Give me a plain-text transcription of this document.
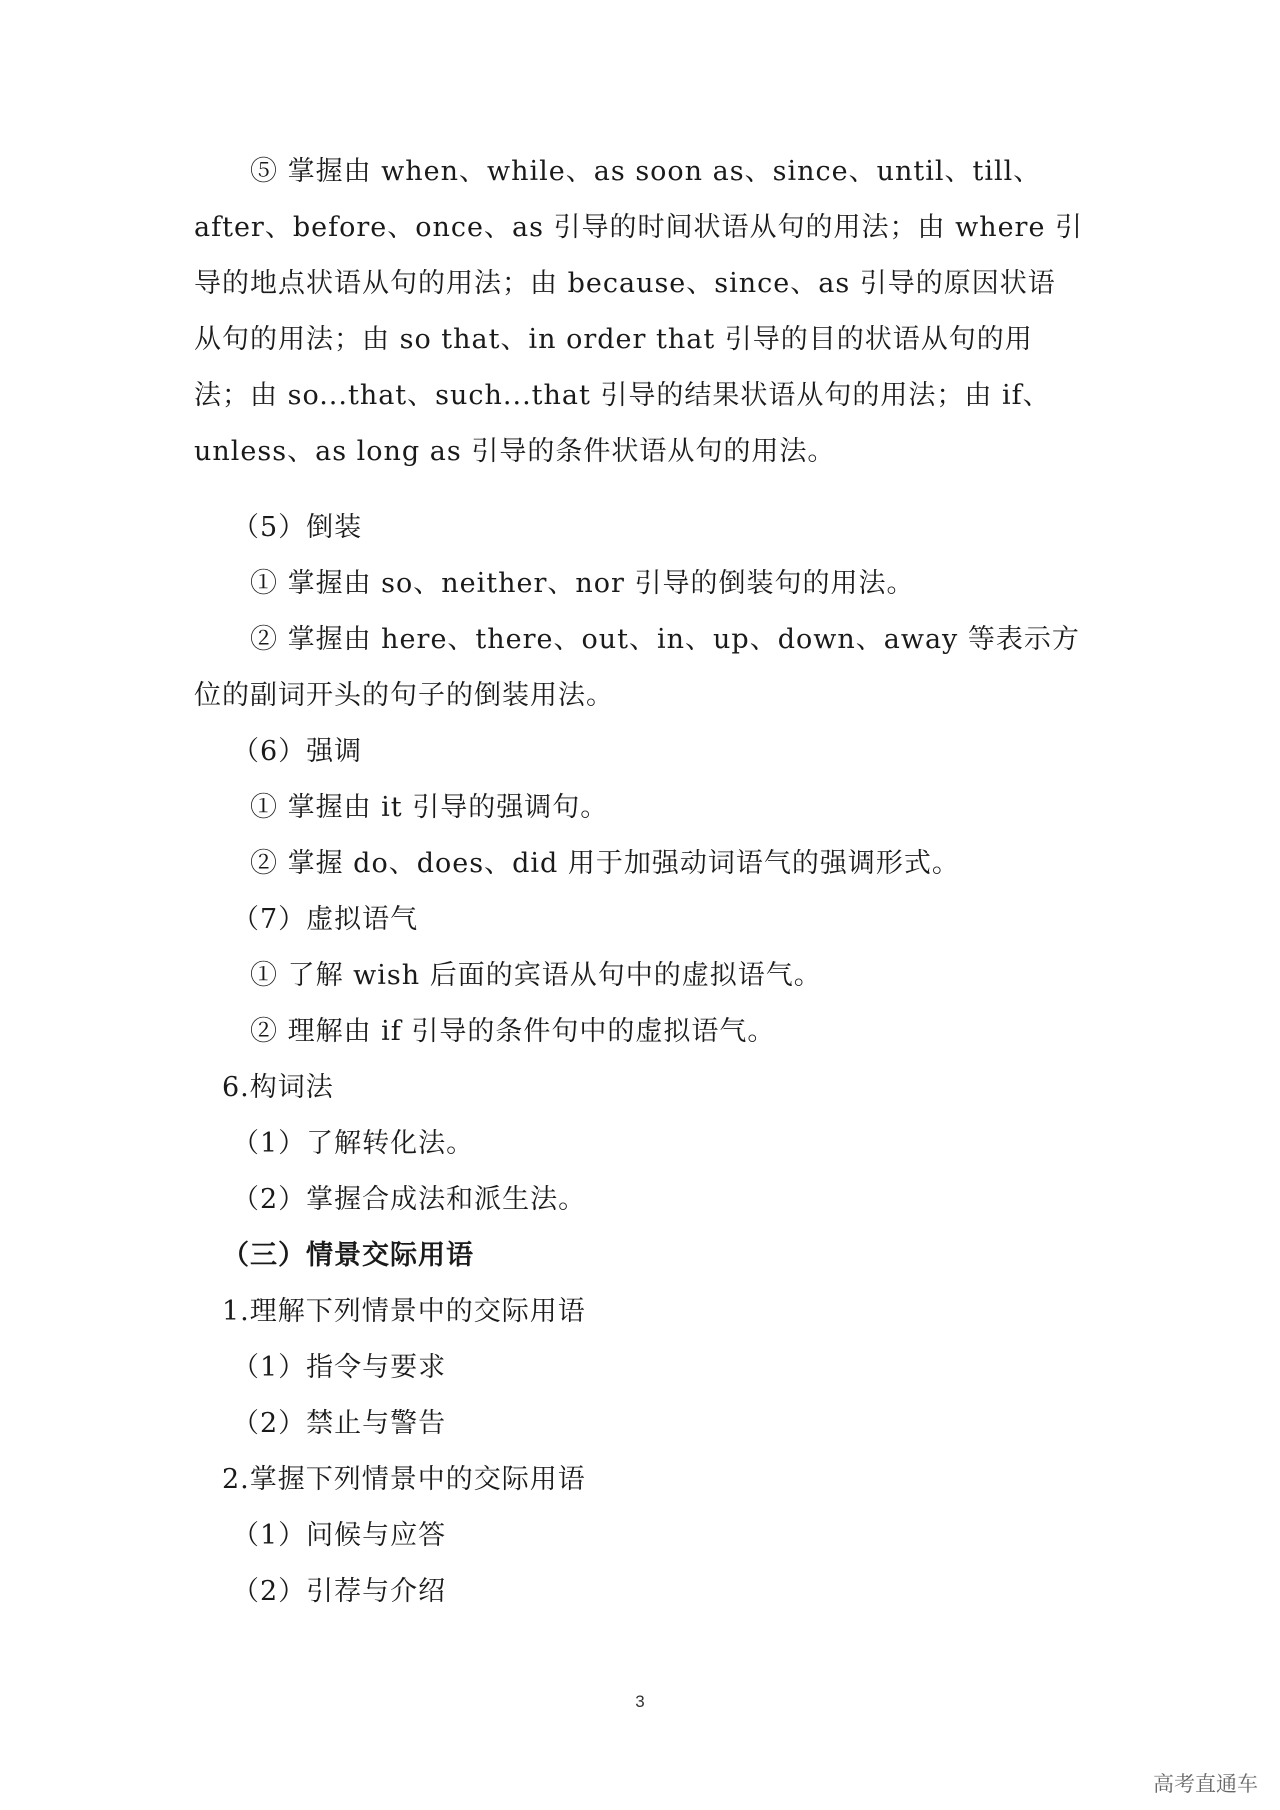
⑤ 掌握由 when、while、as soon as、since、until、till、
after、before、once、as 引导的时间状语从句的用法；由 where 引
导的地点状语从句的用法；由 because、since、as 引导的原因状语
从句的用法；由 so that、in order that 引导的目的状语从句的用
法；由 so...that、such...that 引导的结果状语从句的用法；由 if、
unless、as long as 引导的条件状语从句的用法。
（5）倒装
① 掌握由 so、neither、nor 引导的倒装句的用法。
② 掌握由 here、there、out、in、up、down、away 等表示方
位的副词开头的句子的倒装用法。
（6）强调
① 掌握由 it 引导的强调句。
② 掌握 do、does、did 用于加强动词语气的强调形式。
（7）虚拟语气
① 了解 wish 后面的宾语从句中的虚拟语气。
② 理解由 if 引导的条件句中的虚拟语气。
6.构词法
（1）了解转化法。
（2）掌握合成法和派生法。
（三）情景交际用语
1.理解下列情景中的交际用语
（1）指令与要求
（2）禁止与警告
2.掌握下列情景中的交际用语
（1）问候与应答
（2）引荐与介绍
3
高考直通车
